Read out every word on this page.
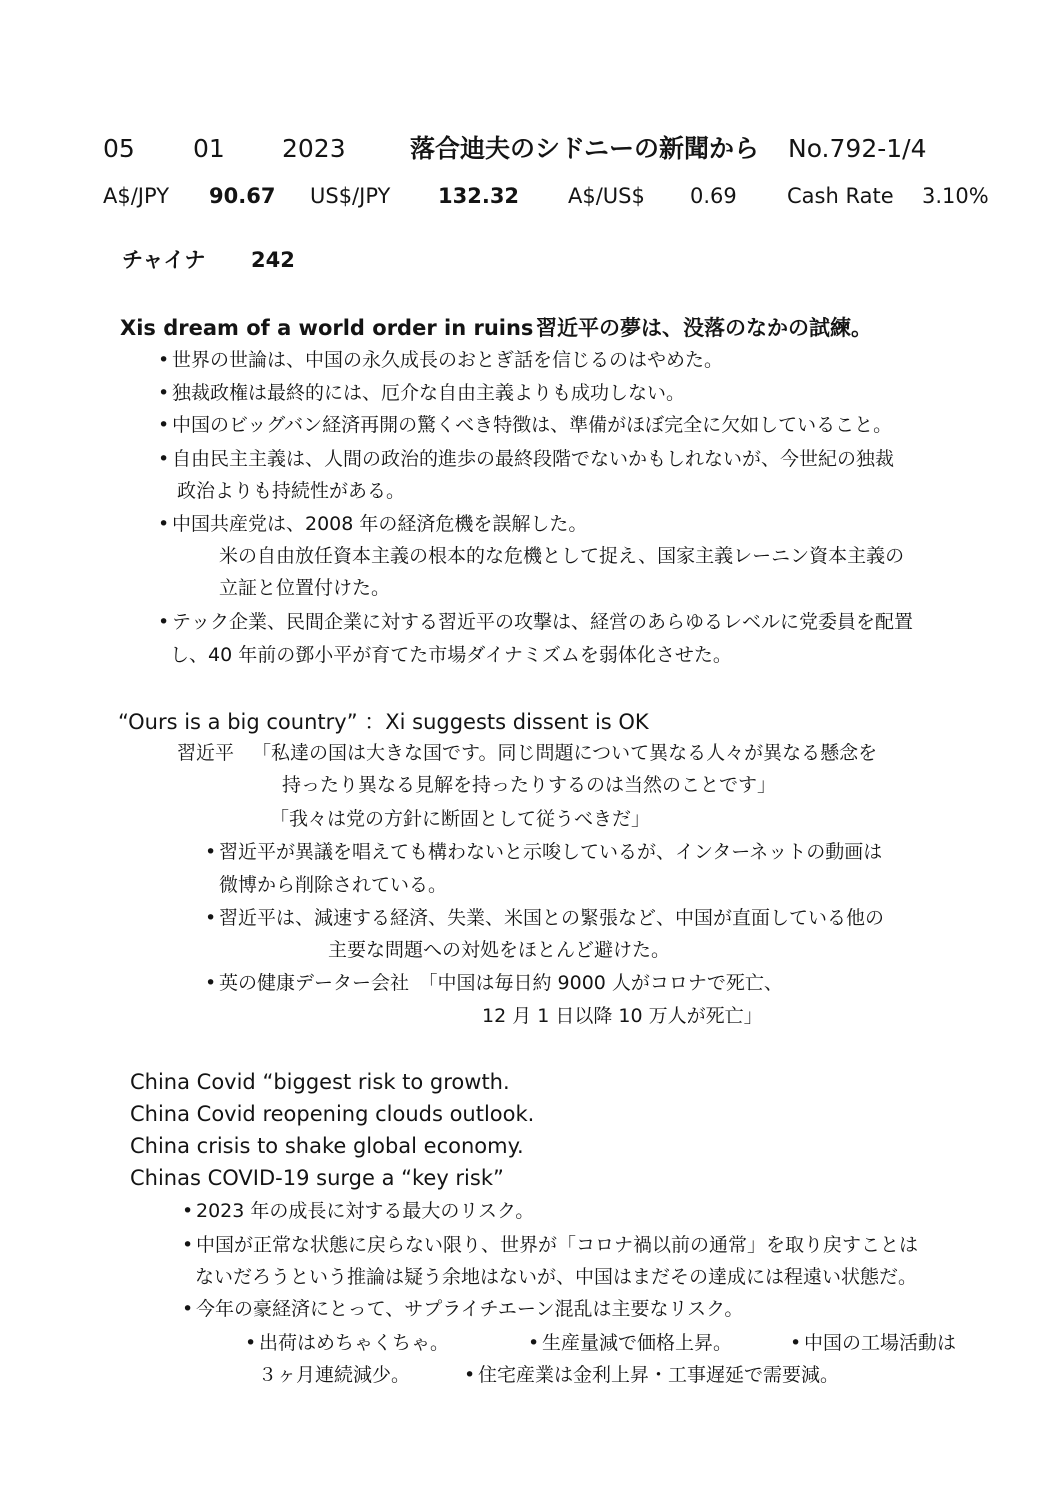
05 01 2023	落合迪夫のシドニーの新聞から No.792-1/4
A$/JPY 90.67 US$/JPY 132.32 A$/US$ 0.69 Cash Rate 3.10%
チャイナ 242
Xis dream of a world order in ruins 習近平の夢は、没落のなかの試練。
• 世界の世論は、中国の永久成長のおとぎ話を信じるのはやめた。
• 独裁政権は最終的には、厄介な自由主義よりも成功しない。
• 中国のビッグバン経済再開の驚くべき特徴は、準備がほぼ完全に欠如していること。
• 自由民主主義は、人間の政治的進歩の最終段階でないかもしれないが、今世紀の独裁
政治よりも持続性がある。
• 中国共産党は、2008 年の経済危機を誤解した。
米の自由放任資本主義の根本的な危機として捉え、国家主義レーニン資本主義の
立証と位置付けた。
• テック企業、民間企業に対する習近平の攻撃は、経営のあらゆるレベルに党委員を配置
し、40 年前の鄧小平が育てた市場ダイナミズムを弱体化させた。
“Ours is a big country” ：Xi suggests dissent is OK
習近平 「私達の国は大きな国です。同じ問題について異なる人々が異なる懸念を
持ったり異なる見解を持ったりするのは当然のことです」
「我々は党の方針に断固として従うべきだ」
• 習近平が異議を唱えても構わないと示唆しているが、インターネットの動画は
微博から削除されている。
• 習近平は、減速する経済、失業、米国との緊張など、中国が直面している他の
主要な問題への対処をほとんど避けた。
• 英の健康データー会社　「中国は毎日約 9000 人がコロナで死亡、
12 月 1 日以降 10 万人が死亡」
China Covid “biggest risk to growth.
China Covid reopening clouds outlook.
China crisis to shake global economy.
Chinas COVID-19 surge a “key risk”
• 2023 年の成長に対する最大のリスク。
• 中国が正常な状態に戻らない限り、世界が「コロナ禍以前の通常」を取り戻すことは
ないだろうという推論は疑う余地はないが、中国はまだその達成には程遠い状態だ。
• 今年の豪経済にとって、サプライチエーン混乱は主要なリスク。
• 出荷はめちゃくちゃ。	• 生産量減で価格上昇。	• 中国の工場活動は
３ヶ月連続減少。	• 住宅産業は金利上昇・工事遅延で需要減。
